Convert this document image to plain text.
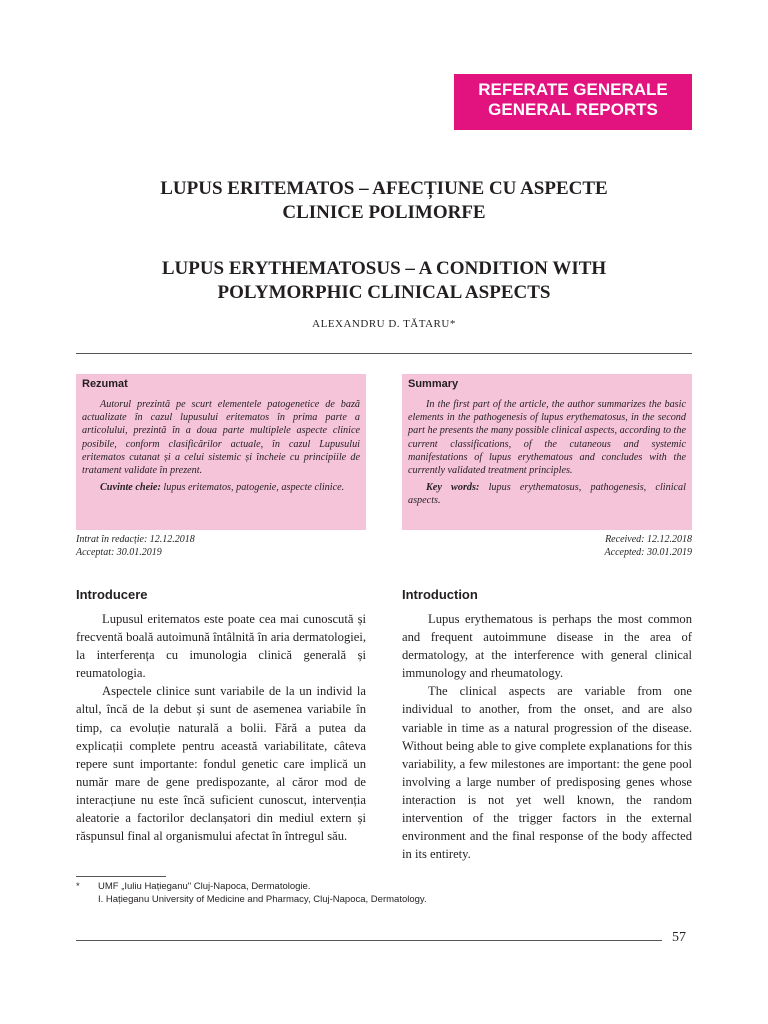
REFERATE GENERALE
GENERAL REPORTS
LUPUS ERITEMATOS – AFECȚIUNE CU ASPECTE
CLINICE POLIMORFE
LUPUS ERYTHEMATOSUS – A CONDITION WITH
POLYMORPHIC CLINICAL ASPECTS
ALEXANDRU D. TĂTARU*
Rezumat
Autorul prezintă pe scurt elementele patogenetice de bază actualizate în cazul lupusului eritematos în prima parte a articolului, prezintă în a doua parte multiplele aspecte clinice posibile, conform clasificărilor actuale, în cazul Lupusului eritematos cutanat și a celui sistemic și încheie cu principiile de tratament validate în prezent.
Cuvinte cheie: lupus eritematos, patogenie, aspecte clinice.
Summary
In the first part of the article, the author summarizes the basic elements in the pathogenesis of lupus erythematosus, in the second part he presents the many possible clinical aspects, according to the current classifications, of the cutaneous and systemic manifestations of lupus erythematous and concludes with the currently validated treatment principles.
Key words: lupus erythematosus, pathogenesis, clinical aspects.
Intrat în redacție: 12.12.2018
Acceptat: 30.01.2019
Received: 12.12.2018
Accepted: 30.01.2019
Introducere	Introduction

Lupusul eritematos este poate cea mai cunoscută și frecventă boală autoimună întâlnită în aria dermatologiei, la interferența cu imunologia clinică generală și reumatologia.

Aspectele clinice sunt variabile de la un individ la altul, încă de la debut și sunt de asemenea variabile în timp, ca evoluție naturală a bolii. Fără a putea da explicații complete pentru această variabilitate, câteva repere sunt importante: fondul genetic care implică un număr mare de gene predispozante, al căror mod de interacțiune nu este încă suficient cunoscut, intervenția aleatorie a factorilor declanșatori din mediul extern și răspunsul final al organismului afectat în întregul său.

Lupus erythematous is perhaps the most common and frequent autoimmune disease in the area of dermatology, at the interference with general clinical immunology and rheumatology.

The clinical aspects are variable from one individual to another, from the onset, and are also variable in time as a natural progression of the disease. Without being able to give complete explanations for this variability, a few milestones are important: the gene pool involving a large number of predisposing genes whose interaction is not yet well known, the random intervention of the trigger factors in the external environment and the final response of the body affected in its entirety.

*	UMF „Iuliu Hațieganu" Cluj-Napoca, Dermatologie.
I. Hațieganu University of Medicine and Pharmacy, Cluj-Napoca, Dermatology.
57
